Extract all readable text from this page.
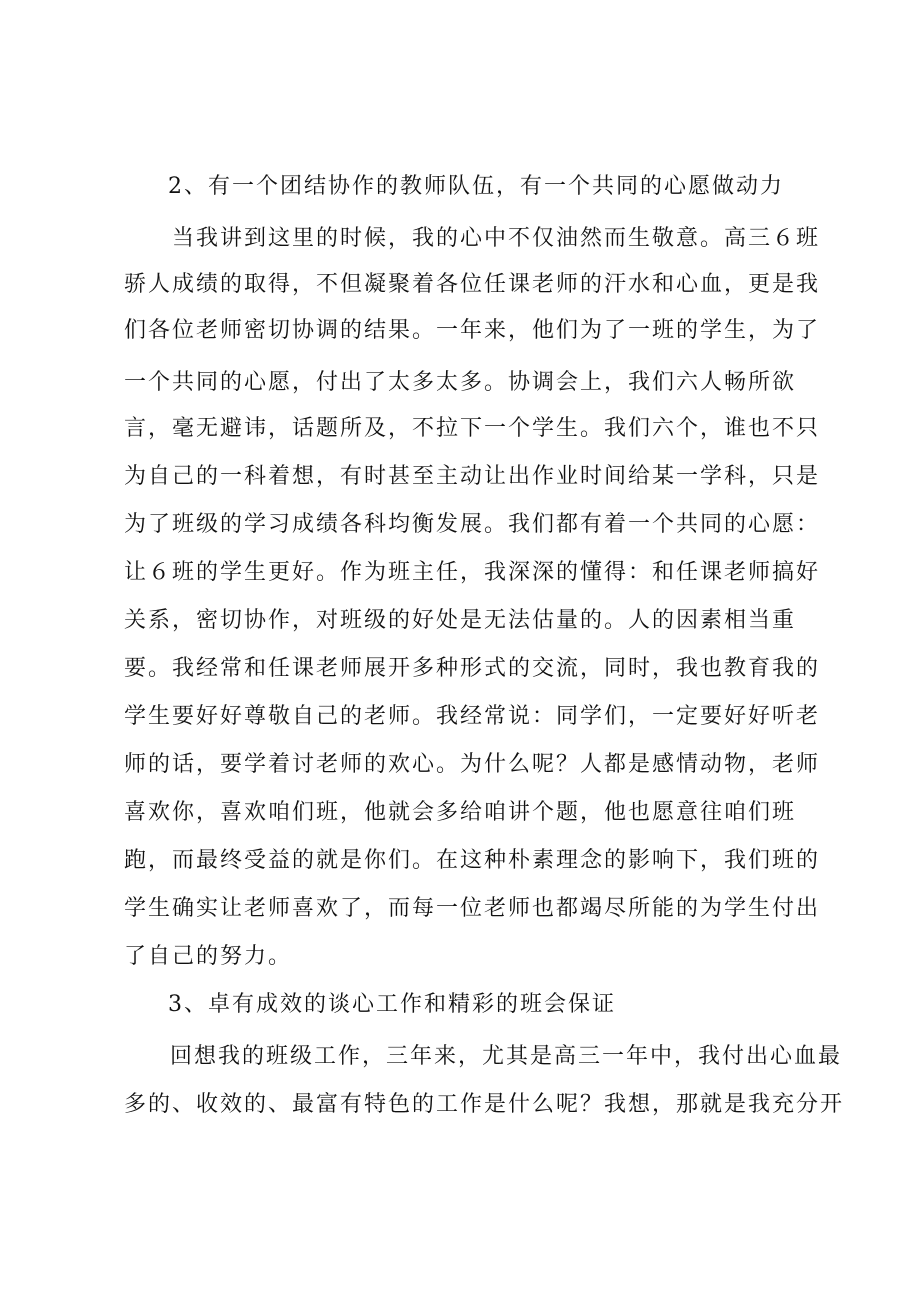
2、有一个团结协作的教师队伍，有一个共同的心愿做动力
当我讲到这里的时候，我的心中不仅油然而生敬意。高三６班
骄人成绩的取得，不但凝聚着各位任课老师的汗水和心血，更是我
们各位老师密切协调的结果。一年来，他们为了一班的学生，为了
一个共同的心愿，付出了太多太多。协调会上，我们六人畅所欲
言，毫无避讳，话题所及，不拉下一个学生。我们六个，谁也不只
为自己的一科着想，有时甚至主动让出作业时间给某一学科，只是
为了班级的学习成绩各科均衡发展。我们都有着一个共同的心愿：
让６班的学生更好。作为班主任，我深深的懂得：和任课老师搞好
关系，密切协作，对班级的好处是无法估量的。人的因素相当重
要。我经常和任课老师展开多种形式的交流，同时，我也教育我的
学生要好好尊敬自己的老师。我经常说：同学们，一定要好好听老
师的话，要学着讨老师的欢心。为什么呢？人都是感情动物，老师
喜欢你，喜欢咱们班，他就会多给咱讲个题，他也愿意往咱们班
跑，而最终受益的就是你们。在这种朴素理念的影响下，我们班的
学生确实让老师喜欢了，而每一位老师也都竭尽所能的为学生付出
了自己的努力。
3、卓有成效的谈心工作和精彩的班会保证
回想我的班级工作，三年来，尤其是高三一年中，我付出心血最
多的、收效的、最富有特色的工作是什么呢？我想，那就是我充分开
